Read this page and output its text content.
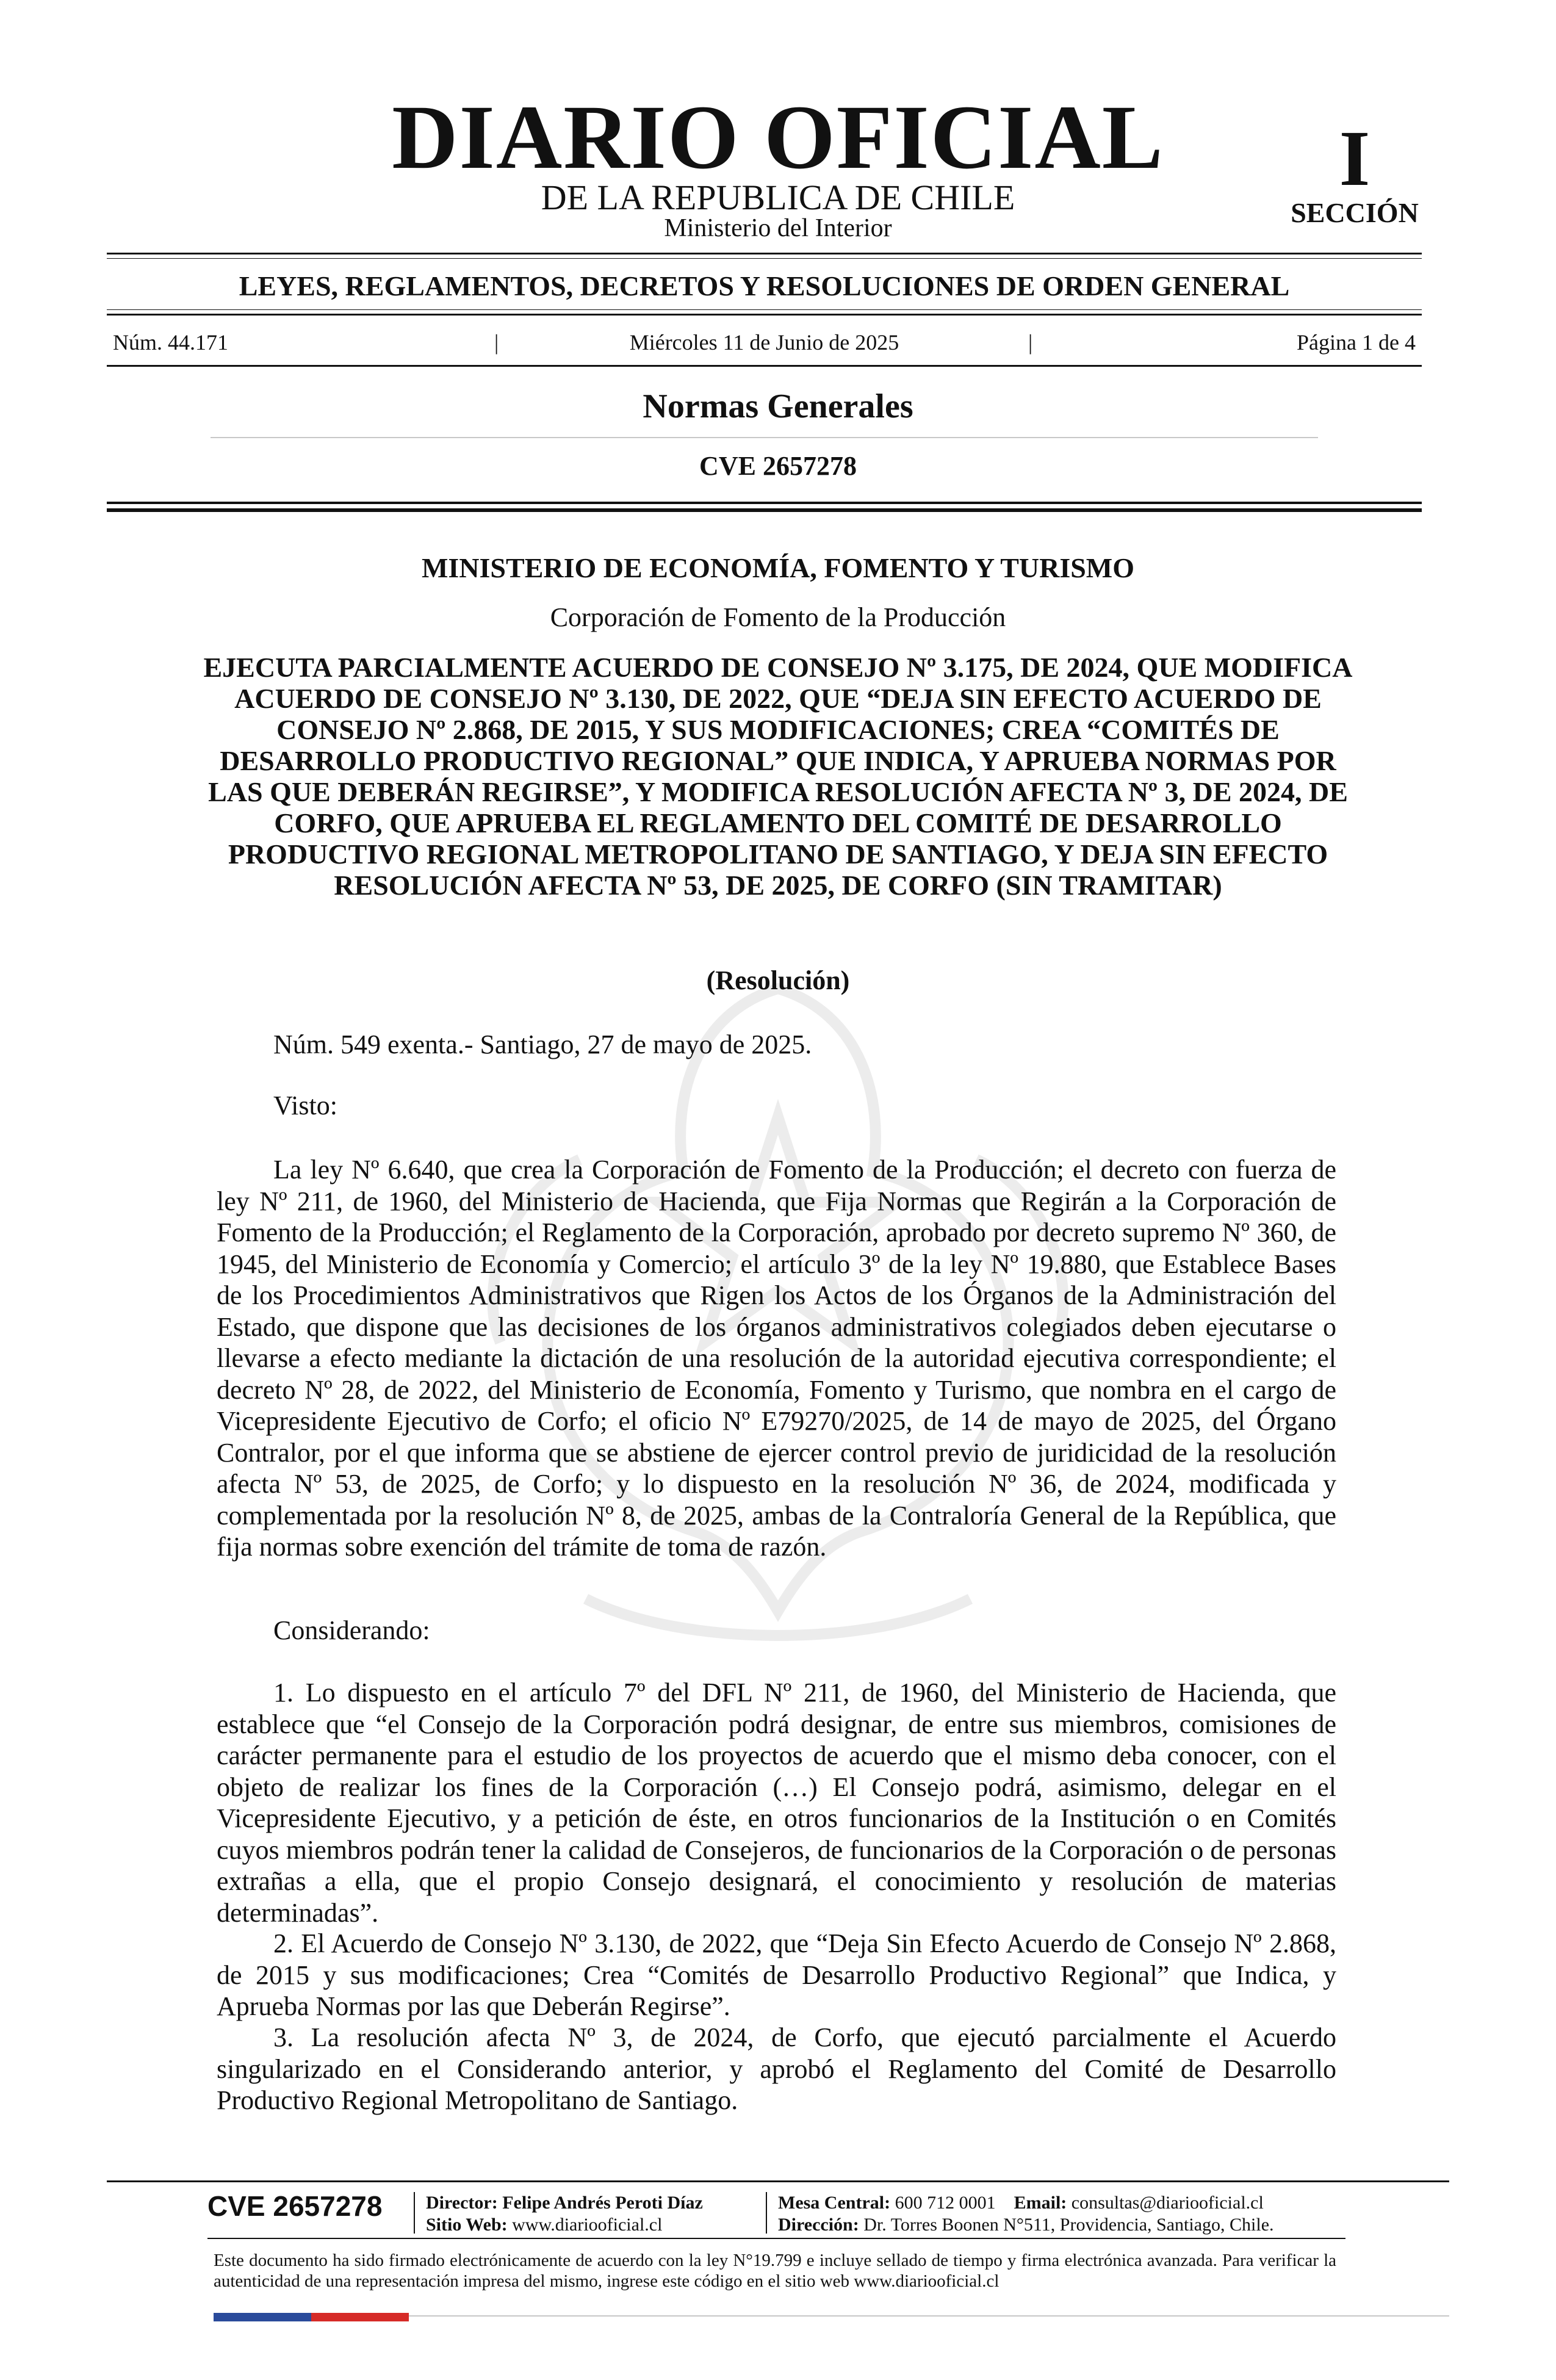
DIARIO OFICIAL
DE LA REPUBLICA DE CHILE
Ministerio del Interior
I
SECCIÓN
LEYES, REGLAMENTOS, DECRETOS Y RESOLUCIONES DE ORDEN GENERAL
Núm. 44.171	|	Miércoles 11 de Junio de 2025	|	Página 1 de 4
Normas Generales
CVE 2657278
MINISTERIO DE ECONOMÍA, FOMENTO Y TURISMO
Corporación de Fomento de la Producción
EJECUTA PARCIALMENTE ACUERDO DE CONSEJO Nº 3.175, DE 2024, QUE MODIFICA ACUERDO DE CONSEJO Nº 3.130, DE 2022, QUE “DEJA SIN EFECTO ACUERDO DE CONSEJO Nº 2.868, DE 2015, Y SUS MODIFICACIONES; CREA “COMITÉS DE DESARROLLO PRODUCTIVO REGIONAL” QUE INDICA, Y APRUEBA NORMAS POR LAS QUE DEBERÁN REGIRSE”, Y MODIFICA RESOLUCIÓN AFECTA Nº 3, DE 2024, DE CORFO, QUE APRUEBA EL REGLAMENTO DEL COMITÉ DE DESARROLLO PRODUCTIVO REGIONAL METROPOLITANO DE SANTIAGO, Y DEJA SIN EFECTO RESOLUCIÓN AFECTA Nº 53, DE 2025, DE CORFO (SIN TRAMITAR)
(Resolución)
Núm. 549 exenta.- Santiago, 27 de mayo de 2025.
Visto:
La ley Nº 6.640, que crea la Corporación de Fomento de la Producción; el decreto con fuerza de ley Nº 211, de 1960, del Ministerio de Hacienda, que Fija Normas que Regirán a la Corporación de Fomento de la Producción; el Reglamento de la Corporación, aprobado por decreto supremo Nº 360, de 1945, del Ministerio de Economía y Comercio; el artículo 3º de la ley Nº 19.880, que Establece Bases de los Procedimientos Administrativos que Rigen los Actos de los Órganos de la Administración del Estado, que dispone que las decisiones de los órganos administrativos colegiados deben ejecutarse o llevarse a efecto mediante la dictación de una resolución de la autoridad ejecutiva correspondiente; el decreto Nº 28, de 2022, del Ministerio de Economía, Fomento y Turismo, que nombra en el cargo de Vicepresidente Ejecutivo de Corfo; el oficio Nº E79270/2025, de 14 de mayo de 2025, del Órgano Contralor, por el que informa que se abstiene de ejercer control previo de juridicidad de la resolución afecta Nº 53, de 2025, de Corfo; y lo dispuesto en la resolución Nº 36, de 2024, modificada y complementada por la resolución Nº 8, de 2025, ambas de la Contraloría General de la República, que fija normas sobre exención del trámite de toma de razón.
Considerando:
1. Lo dispuesto en el artículo 7º del DFL Nº 211, de 1960, del Ministerio de Hacienda, que establece que “el Consejo de la Corporación podrá designar, de entre sus miembros, comisiones de carácter permanente para el estudio de los proyectos de acuerdo que el mismo deba conocer, con el objeto de realizar los fines de la Corporación (…) El Consejo podrá, asimismo, delegar en el Vicepresidente Ejecutivo, y a petición de éste, en otros funcionarios de la Institución o en Comités cuyos miembros podrán tener la calidad de Consejeros, de funcionarios de la Corporación o de personas extrañas a ella, que el propio Consejo designará, el conocimiento y resolución de materias determinadas”.
2. El Acuerdo de Consejo Nº 3.130, de 2022, que “Deja Sin Efecto Acuerdo de Consejo Nº 2.868, de 2015 y sus modificaciones; Crea “Comités de Desarrollo Productivo Regional” que Indica, y Aprueba Normas por las que Deberán Regirse”.
3. La resolución afecta Nº 3, de 2024, de Corfo, que ejecutó parcialmente el Acuerdo singularizado en el Considerando anterior, y aprobó el Reglamento del Comité de Desarrollo Productivo Regional Metropolitano de Santiago.
CVE 2657278 Director: Felipe Andrés Peroti Díaz
Sitio Web: www.diariooficial.cl
Mesa Central: 600 712 0001 Email: consultas@diariooficial.cl
Dirección: Dr. Torres Boonen N°511, Providencia, Santiago, Chile.
Este documento ha sido firmado electrónicamente de acuerdo con la ley N°19.799 e incluye sellado de tiempo y firma electrónica avanzada. Para verificar la autenticidad de una representación impresa del mismo, ingrese este código en el sitio web www.diariooficial.cl
